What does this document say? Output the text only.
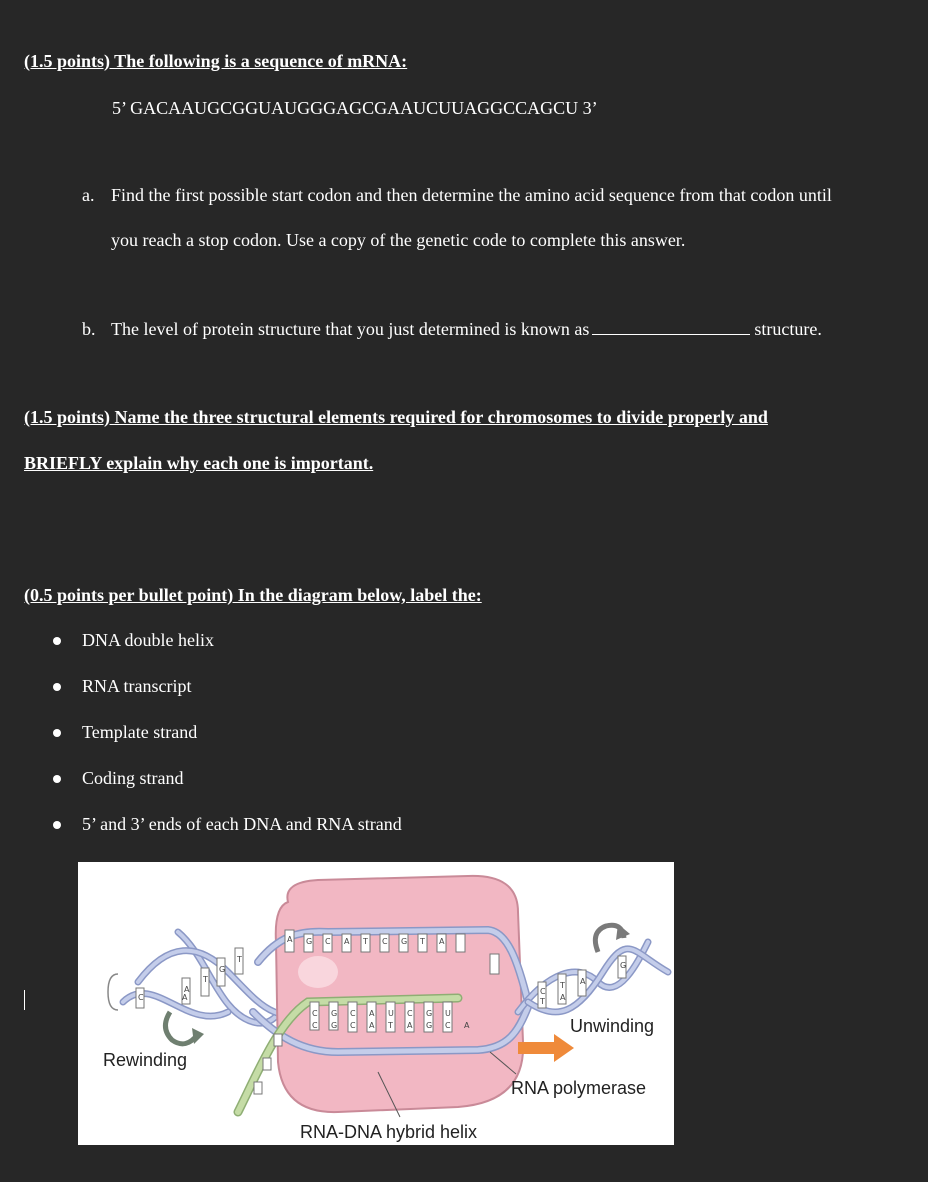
(1.5 points) The following is a sequence of mRNA:
5’ GACAAUGCGGUAUGGGAGCGAAUCUUAGGCCAGCU 3’
a. Find the first possible start codon and then determine the amino acid sequence from that codon until
you reach a stop codon. Use a copy of the genetic code to complete this answer.
b. The level of protein structure that you just determined is known as	structure.
(1.5 points) Name the three structural elements required for chromosomes to divide properly and
BRIEFLY explain why each one is important.
(0.5 points per bullet point) In the diagram below, label the:
DNA double helix
RNA transcript
Template strand
Coding strand
5’ and 3’ ends of each DNA and RNA strand
Unwinding
Rewinding
RNA polymerase
RNA-DNA hybrid helix
A G C A T C G T A
C G C A U C G U
C G C A T A G C A
A
T
G
T
C	A
C
T A
G
T A
